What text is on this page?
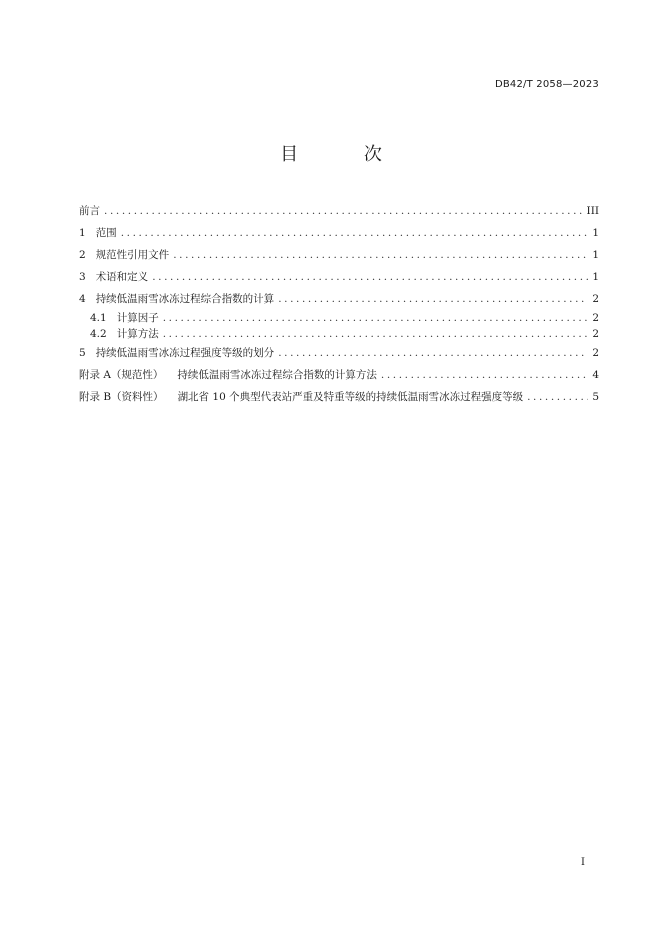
DB42/T 2058—2023
目 次
前言 .....	III
1 范围 .....	1
2 规范性引用文件 .....	1
3 术语和定义 .....	1
4 持续低温雨雪冰冻过程综合指数的计算 .....	2
4.1 计算因子 .....	2
4.2 计算方法 .....	2
5 持续低温雨雪冰冻过程强度等级的划分 .....	2
附录 A（规范性） 持续低温雨雪冰冻过程综合指数的计算方法 .....	4
附录 B（资料性） 湖北省 10 个典型代表站严重及特重等级的持续低温雨雪冰冻过程强度等级 .....	5
I
